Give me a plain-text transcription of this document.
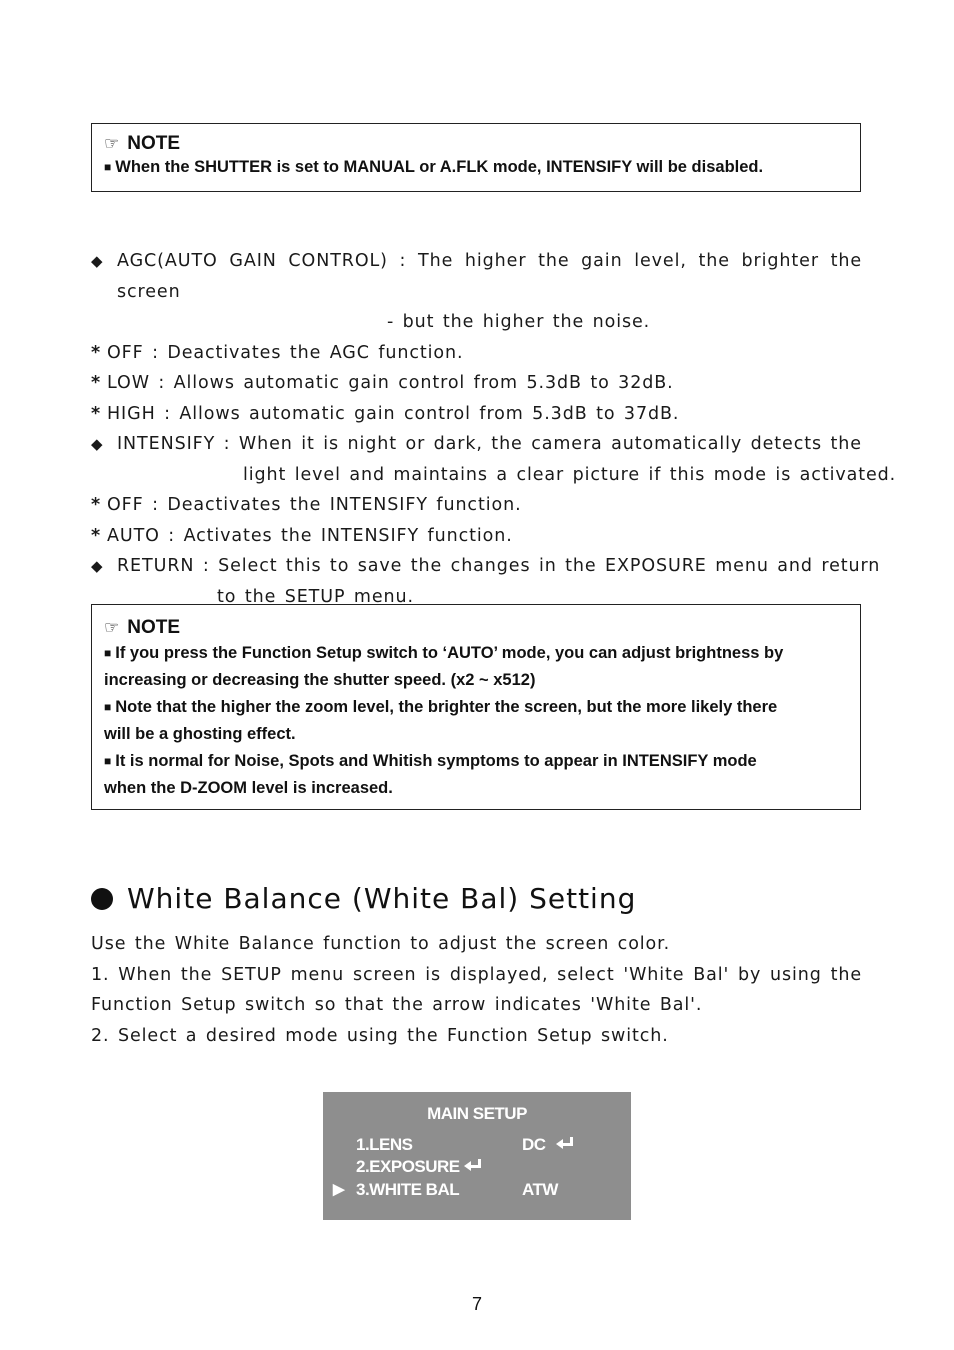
☞ NOTE
■ When the SHUTTER is set to MANUAL or A.FLK mode, INTENSIFY will be disabled.
◆ AGC(AUTO GAIN CONTROL) : The higher the gain level, the brighter the screen
- but the higher the noise.
* OFF : Deactivates the AGC function.
* LOW : Allows automatic gain control from 5.3dB to 32dB.
* HIGH : Allows automatic gain control from 5.3dB to 37dB.
◆ INTENSIFY : When it is night or dark, the camera automatically detects the
light level and maintains a clear picture if this mode is activated.
* OFF : Deactivates the INTENSIFY function.
* AUTO : Activates the INTENSIFY function.
◆ RETURN : Select this to save the changes in the EXPOSURE menu and return
to the SETUP menu.
☞ NOTE
■ If you press the Function Setup switch to ‘AUTO’ mode, you can adjust brightness by
increasing or decreasing the shutter speed. (x2 ~ x512)
■ Note that the higher the zoom level, the brighter the screen, but the more likely there
will be a ghosting effect.
■ It is normal for Noise, Spots and Whitish symptoms to appear in INTENSIFY mode
when the D-ZOOM level is increased.
White Balance (White Bal) Setting
Use the White Balance function to adjust the screen color.
1. When the SETUP menu screen is displayed, select 'White Bal' by using the
Function Setup switch so that the arrow indicates 'White Bal'.
2. Select a desired mode using the Function Setup switch.
MAIN SETUP
1.LENS	DC
2.EXPOSURE
▶ 3.WHITE BAL	ATW
7
